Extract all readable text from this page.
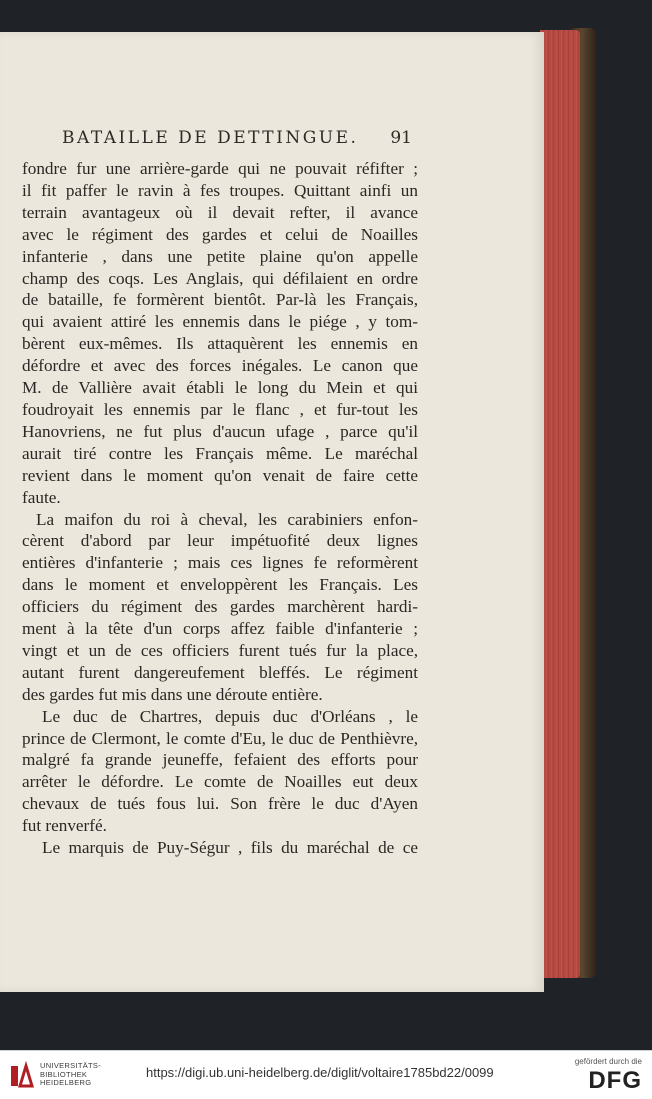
BATAILLE DE DETTINGUE. 91
fondre fur une arrière-garde qui ne pouvait réfifter ;
il fit paffer le ravin à fes troupes. Quittant ainfi un
terrain avantageux où il devait refter, il avance
avec le régiment des gardes et celui de Noailles
infanterie , dans une petite plaine qu'on appelle
champ des coqs. Les Anglais, qui défilaient en ordre
de bataille, fe formèrent bientôt. Par-là les Français,
qui avaient attiré les ennemis dans le piége , y tom-
bèrent eux-mêmes. Ils attaquèrent les ennemis en
défordre et avec des forces inégales. Le canon que
M. de Vallière avait établi le long du Mein et qui
foudroyait les ennemis par le flanc , et fur-tout les
Hanovriens, ne fut plus d'aucun ufage , parce qu'il
aurait tiré contre les Français même. Le maréchal
revient dans le moment qu'on venait de faire cette
faute.
La maifon du roi à cheval, les carabiniers enfon-
cèrent d'abord par leur impétuofité deux lignes
entières d'infanterie ; mais ces lignes fe reformèrent
dans le moment et enveloppèrent les Français. Les
officiers du régiment des gardes marchèrent hardi-
ment à la tête d'un corps affez faible d'infanterie ;
vingt et un de ces officiers furent tués fur la place,
autant furent dangereufement bleffés. Le régiment
des gardes fut mis dans une déroute entière.
Le duc de Chartres, depuis duc d'Orléans , le
prince de Clermont, le comte d'Eu, le duc de Penthièvre,
malgré fa grande jeuneffe, fefaient des efforts pour
arrêter le défordre. Le comte de Noailles eut deux
chevaux de tués fous lui. Son frère le duc d'Ayen
fut renverfé.
Le marquis de Puy-Ségur , fils du maréchal de ce
UNIVERSITÄTS-
BIBLIOTHEK
HEIDELBERG
https://digi.ub.uni-heidelberg.de/diglit/voltaire1785bd22/0099
gefördert durch die
DFG
